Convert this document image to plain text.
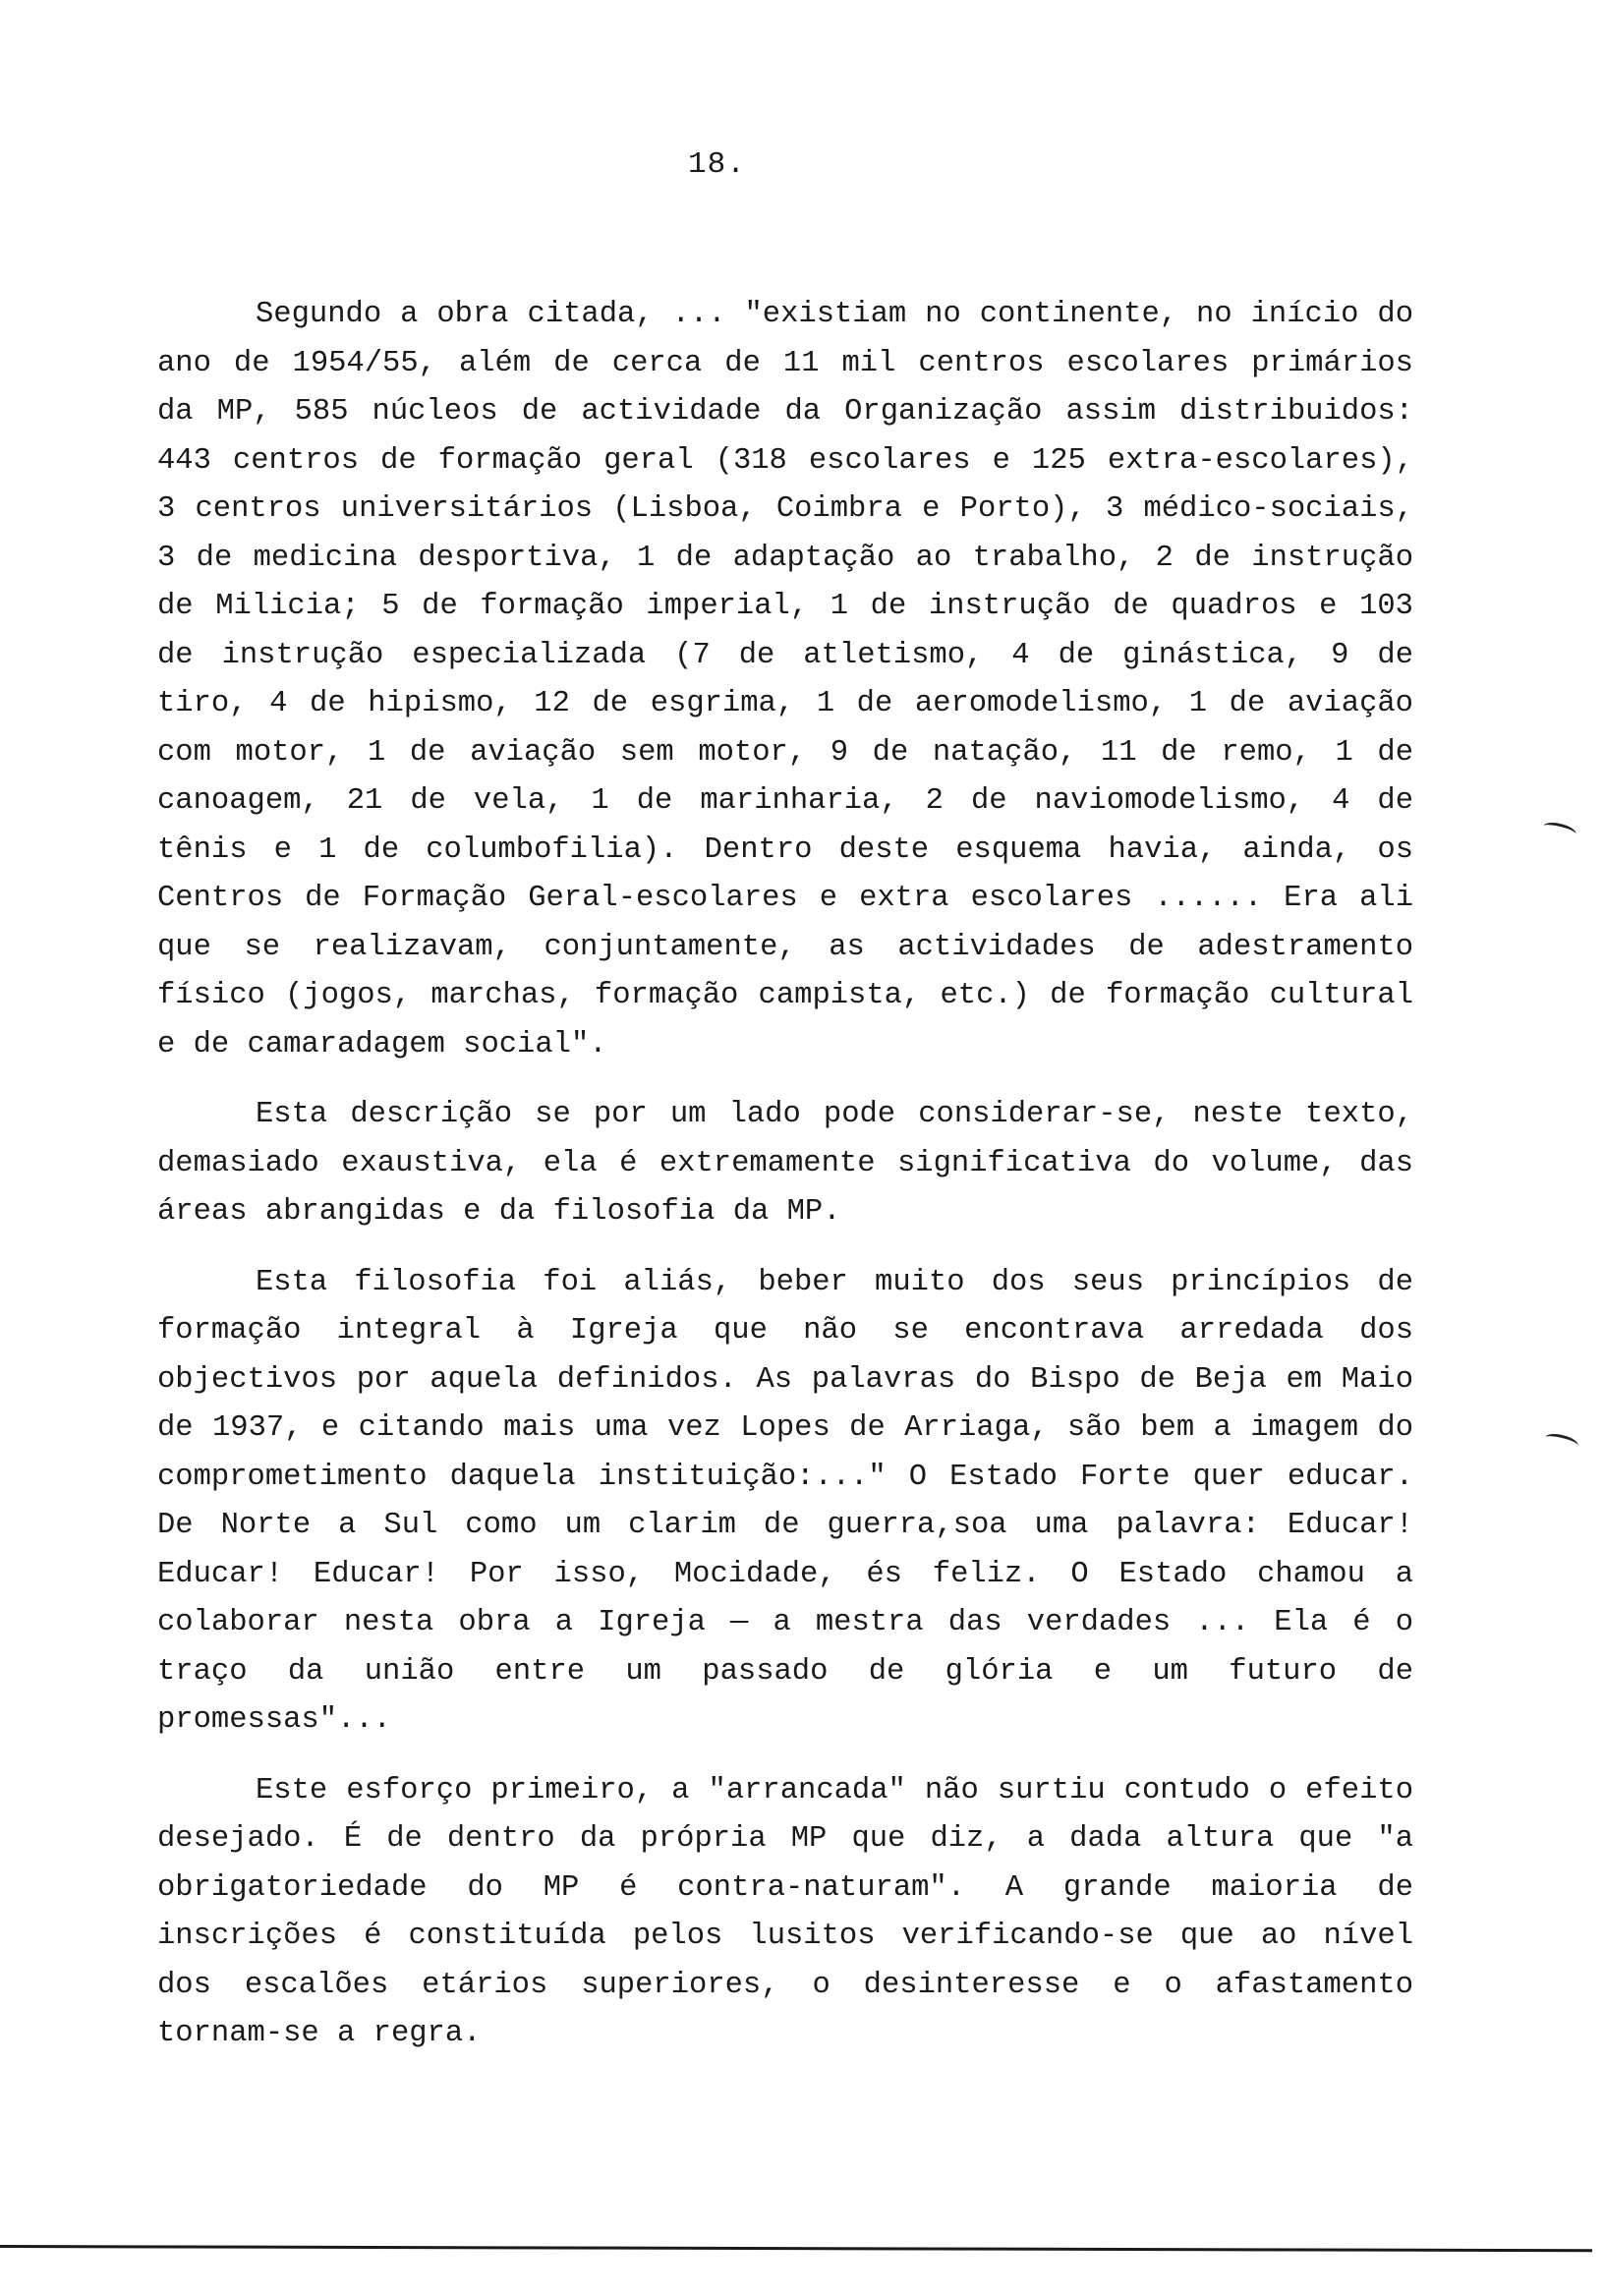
18.

Segundo a obra citada, ... "existiam no continente, no início do ano de 1954/55, além de cerca de 11 mil centros escolares primários da MP, 585 núcleos de actividade da Organização assim distribuidos: 443 centros de formação geral (318 escolares e 125 extra-escolares), 3 centros universitários (Lisboa, Coimbra e Porto), 3 médico-sociais, 3 de medicina desportiva, 1 de adaptação ao trabalho, 2 de instrução de Milicia; 5 de formação imperial, 1 de instrução de quadros e 103 de instrução especializada (7 de atletismo, 4 de ginástica, 9 de tiro, 4 de hipismo, 12 de esgrima, 1 de aeromodelismo, 1 de aviação com motor, 1 de aviação sem motor, 9 de natação, 11 de remo, 1 de canoagem, 21 de vela, 1 de marinharia, 2 de naviomodelismo, 4 de tênis e 1 de columbofilia). Dentro deste esquema havia, ainda, os Centros de Formação Geral-escolares e extra escolares ...... Era ali que se realizavam, conjuntamente, as actividades de adestramento físico (jogos, marchas, formação campista, etc.) de formação cultural e de camaradagem social".

Esta descrição se por um lado pode considerar-se, neste texto, demasiado exaustiva, ela é extremamente significativa do volume, das áreas abrangidas e da filosofia da MP.

Esta filosofia foi aliás, beber muito dos seus princípios de formação integral à Igreja que não se encontrava arredada dos objectivos por aquela definidos. As palavras do Bispo de Beja em Maio de 1937, e citando mais uma vez Lopes de Arriaga, são bem a imagem do comprometimento daquela instituição:..." O Estado Forte quer educar. De Norte a Sul como um clarim de guerra,soa uma palavra: Educar! Educar! Educar! Por isso, Mocidade, és feliz. O Estado chamou a colaborar nesta obra a Igreja — a mestra das verdades ... Ela é o traço da união entre um passado de glória e um futuro de promessas"...

Este esforço primeiro, a "arrancada" não surtiu contudo o efeito desejado. É de dentro da própria MP que diz, a dada altura que "a obrigatoriedade do MP é contra-naturam". A grande maioria de inscrições é constituída pelos lusitos verificando-se que ao nível dos escalões etários superiores, o desinteresse e o afastamento tornam-se a regra.
